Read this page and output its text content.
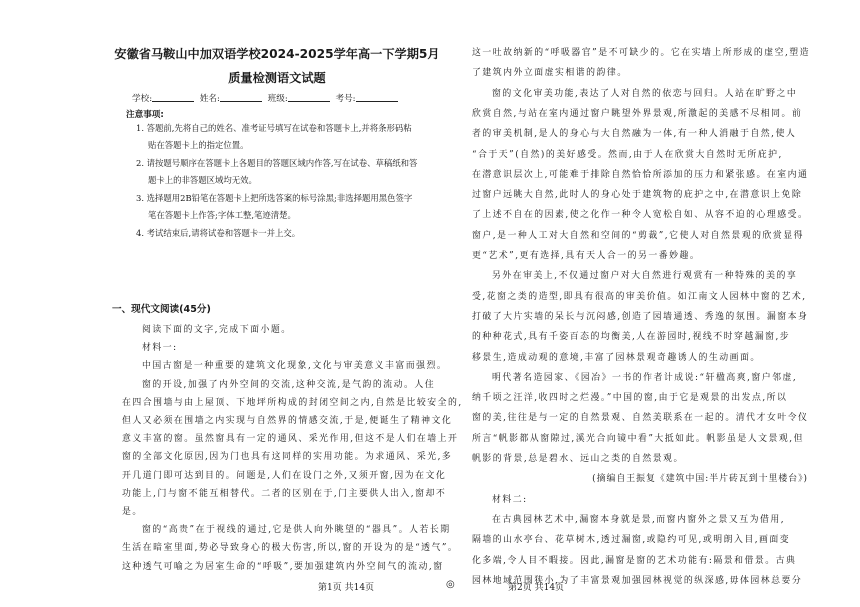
安徽省马鞍山中加双语学校2024-2025学年高一下学期5月
质量检测语文试题
学校:	姓名:	班级:	考号:
注意事项:
1. 答题前,先将自己的姓名、准考证号填写在试卷和答题卡上,并将条形码粘
贴在答题卡上的指定位置。
2. 请按题号顺序在答题卡上各题目的答题区域内作答,写在试卷、草稿纸和答
题卡上的非答题区域均无效。
3. 选择题用2B铅笔在答题卡上把所选答案的标号涂黑;非选择题用黑色签字
笔在答题卡上作答;字体工整,笔迹清楚。
4. 考试结束后,请将试卷和答题卡一并上交。
一、现代文阅读(45分)
阅读下面的文字,完成下面小题。
材料一:
中国古窗是一种重要的建筑文化现象,文化与审美意义丰富而强烈。
窗的开设,加强了内外空间的交流,这种交流,是气韵的流动。人住
在四合围墙与由上屋顶、下地坪所构成的封闭空间之内,自然是比较安全的,
但人又必须在围墙之内实现与自然界的情感交流,于是,便诞生了精神文化
意义丰富的窗。虽然窗具有一定的通风、采光作用,但这不是人们在墙上开
窗的全部文化原因,因为门也具有这同样的实用功能。为求通风、采光,多
开几道门即可达到目的。问题是,人们在设门之外,又须开窗,因为在文化
功能上,门与窗不能互相替代。二者的区别在于,门主要供人出入,窗却不
是。
窗的“高贵”在于视线的通过,它是供人向外眺望的“器具”。人若长期
生活在暗室里面,势必导致身心的极大伤害,所以,窗的开设为的是“透气”。
这种透气可喻之为居室生命的“呼吸”,要加强建筑内外空间气的流动,窗
这一吐故纳新的“呼吸器官”是不可缺少的。它在实墙上所形成的虚空,塑造
了建筑内外立面虚实相谐的韵律。
窗的文化审美功能,表达了人对自然的依恋与回归。人站在旷野之中
欣赏自然,与站在室内通过窗户眺望外界景观,所激起的美感不尽相同。前
者的审美机制,是人的身心与大自然融为一体,有一种人消融于自然,使人
“合于天”(自然)的美好感受。然而,由于人在欣赏大自然时无所庇护,
在潜意识层次上,可能难于排除自然恰恰所添加的压力和紧张感。在室内通
过窗户远眺大自然,此时人的身心处于建筑物的庇护之中,在潜意识上免除
了上述不自在的因素,使之化作一种令人宽松自如、从容不迫的心理感受。
窗户,是一种人工对大自然和空间的“剪裁”,它使人对自然景观的欣赏显得
更“艺术”,更有选择,具有天人合一的另一番妙趣。
另外在审美上,不仅通过窗户对大自然进行观赏有一种特殊的美的享
受,花窗之类的造型,即具有很高的审美价值。如江南文人园林中窗的艺术,
打破了大片实墙的呆长与沉闷感,创造了园墙通透、秀逸的氛围。漏窗本身
的种种花式,具有千姿百态的均衡美,人在游园时,视线不时穿越漏窗,步
移景生,造成动观的意境,丰富了园林景观奇趣诱人的生动画面。
明代著名造园家、《园冶》一书的作者计成说:“轩楹高爽,窗户邻虚,
纳千顷之汪洋,收四时之烂漫。”中国的窗,由于它是观景的出发点,所以
窗的美,往往是与一定的自然景观、自然美联系在一起的。清代才女叶令仪
所言“帆影都从窗隙过,溪光合向镜中看”大抵如此。帆影虽是人文景观,但
帆影的背景,总是碧水、远山之类的自然景观。
(摘编自王振复《建筑中国:半片砖瓦到十里楼台》)
材料二:
在古典园林艺术中,漏窗本身就是景,而窗内窗外之景又互为借用,
隔墙的山水亭台、花草树木,透过漏窗,或隐约可见,或明朗入目,画面变
化多端,令人目不暇接。因此,漏窗是窗的艺术功能有:隔景和借景。古典
园林地域范围狭小,为了丰富景观加强园林视觉的纵深感,毋体园林总要分
第1页 共14页	◎	第2页 共14页
